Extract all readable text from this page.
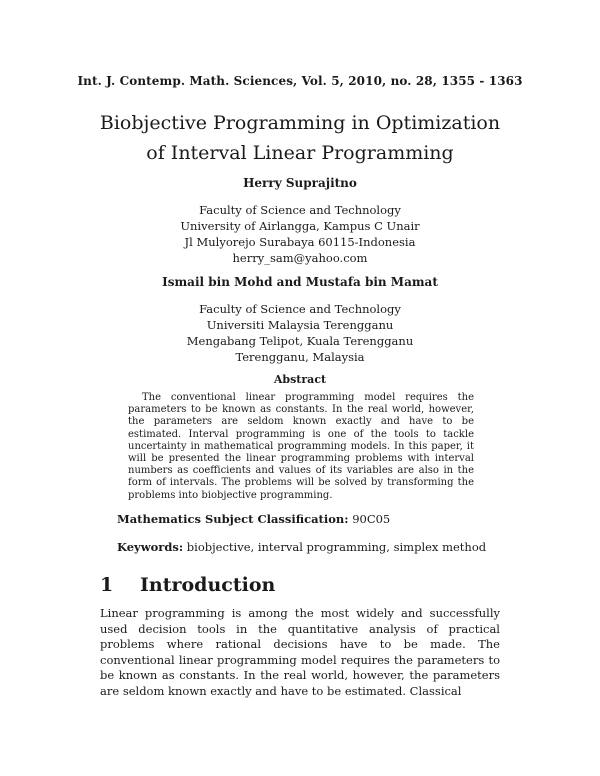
Int. J. Contemp. Math. Sciences, Vol. 5, 2010, no. 28, 1355 - 1363
Biobjective Programming in Optimization
of Interval Linear Programming
Herry Suprajitno
Faculty of Science and Technology
University of Airlangga, Kampus C Unair
Jl Mulyorejo Surabaya 60115-Indonesia
herry_sam@yahoo.com
Ismail bin Mohd and Mustafa bin Mamat
Faculty of Science and Technology
Universiti Malaysia Terengganu
Mengabang Telipot, Kuala Terengganu
Terengganu, Malaysia
Abstract
The conventional linear programming model requires the parameters to be known as constants. In the real world, however, the parameters are seldom known exactly and have to be estimated. Interval programming is one of the tools to tackle uncertainty in mathematical programming models. In this paper, it will be presented the linear programming problems with interval numbers as coefficients and values of its variables are also in the form of intervals. The problems will be solved by transforming the problems into biobjective programming.
Mathematics Subject Classification: 90C05
Keywords: biobjective, interval programming, simplex method
1 Introduction
Linear programming is among the most widely and successfully used decision tools in the quantitative analysis of practical problems where rational decisions have to be made. The conventional linear programming model requires the parameters to be known as constants. In the real world, however, the parameters are seldom known exactly and have to be estimated. Classical
